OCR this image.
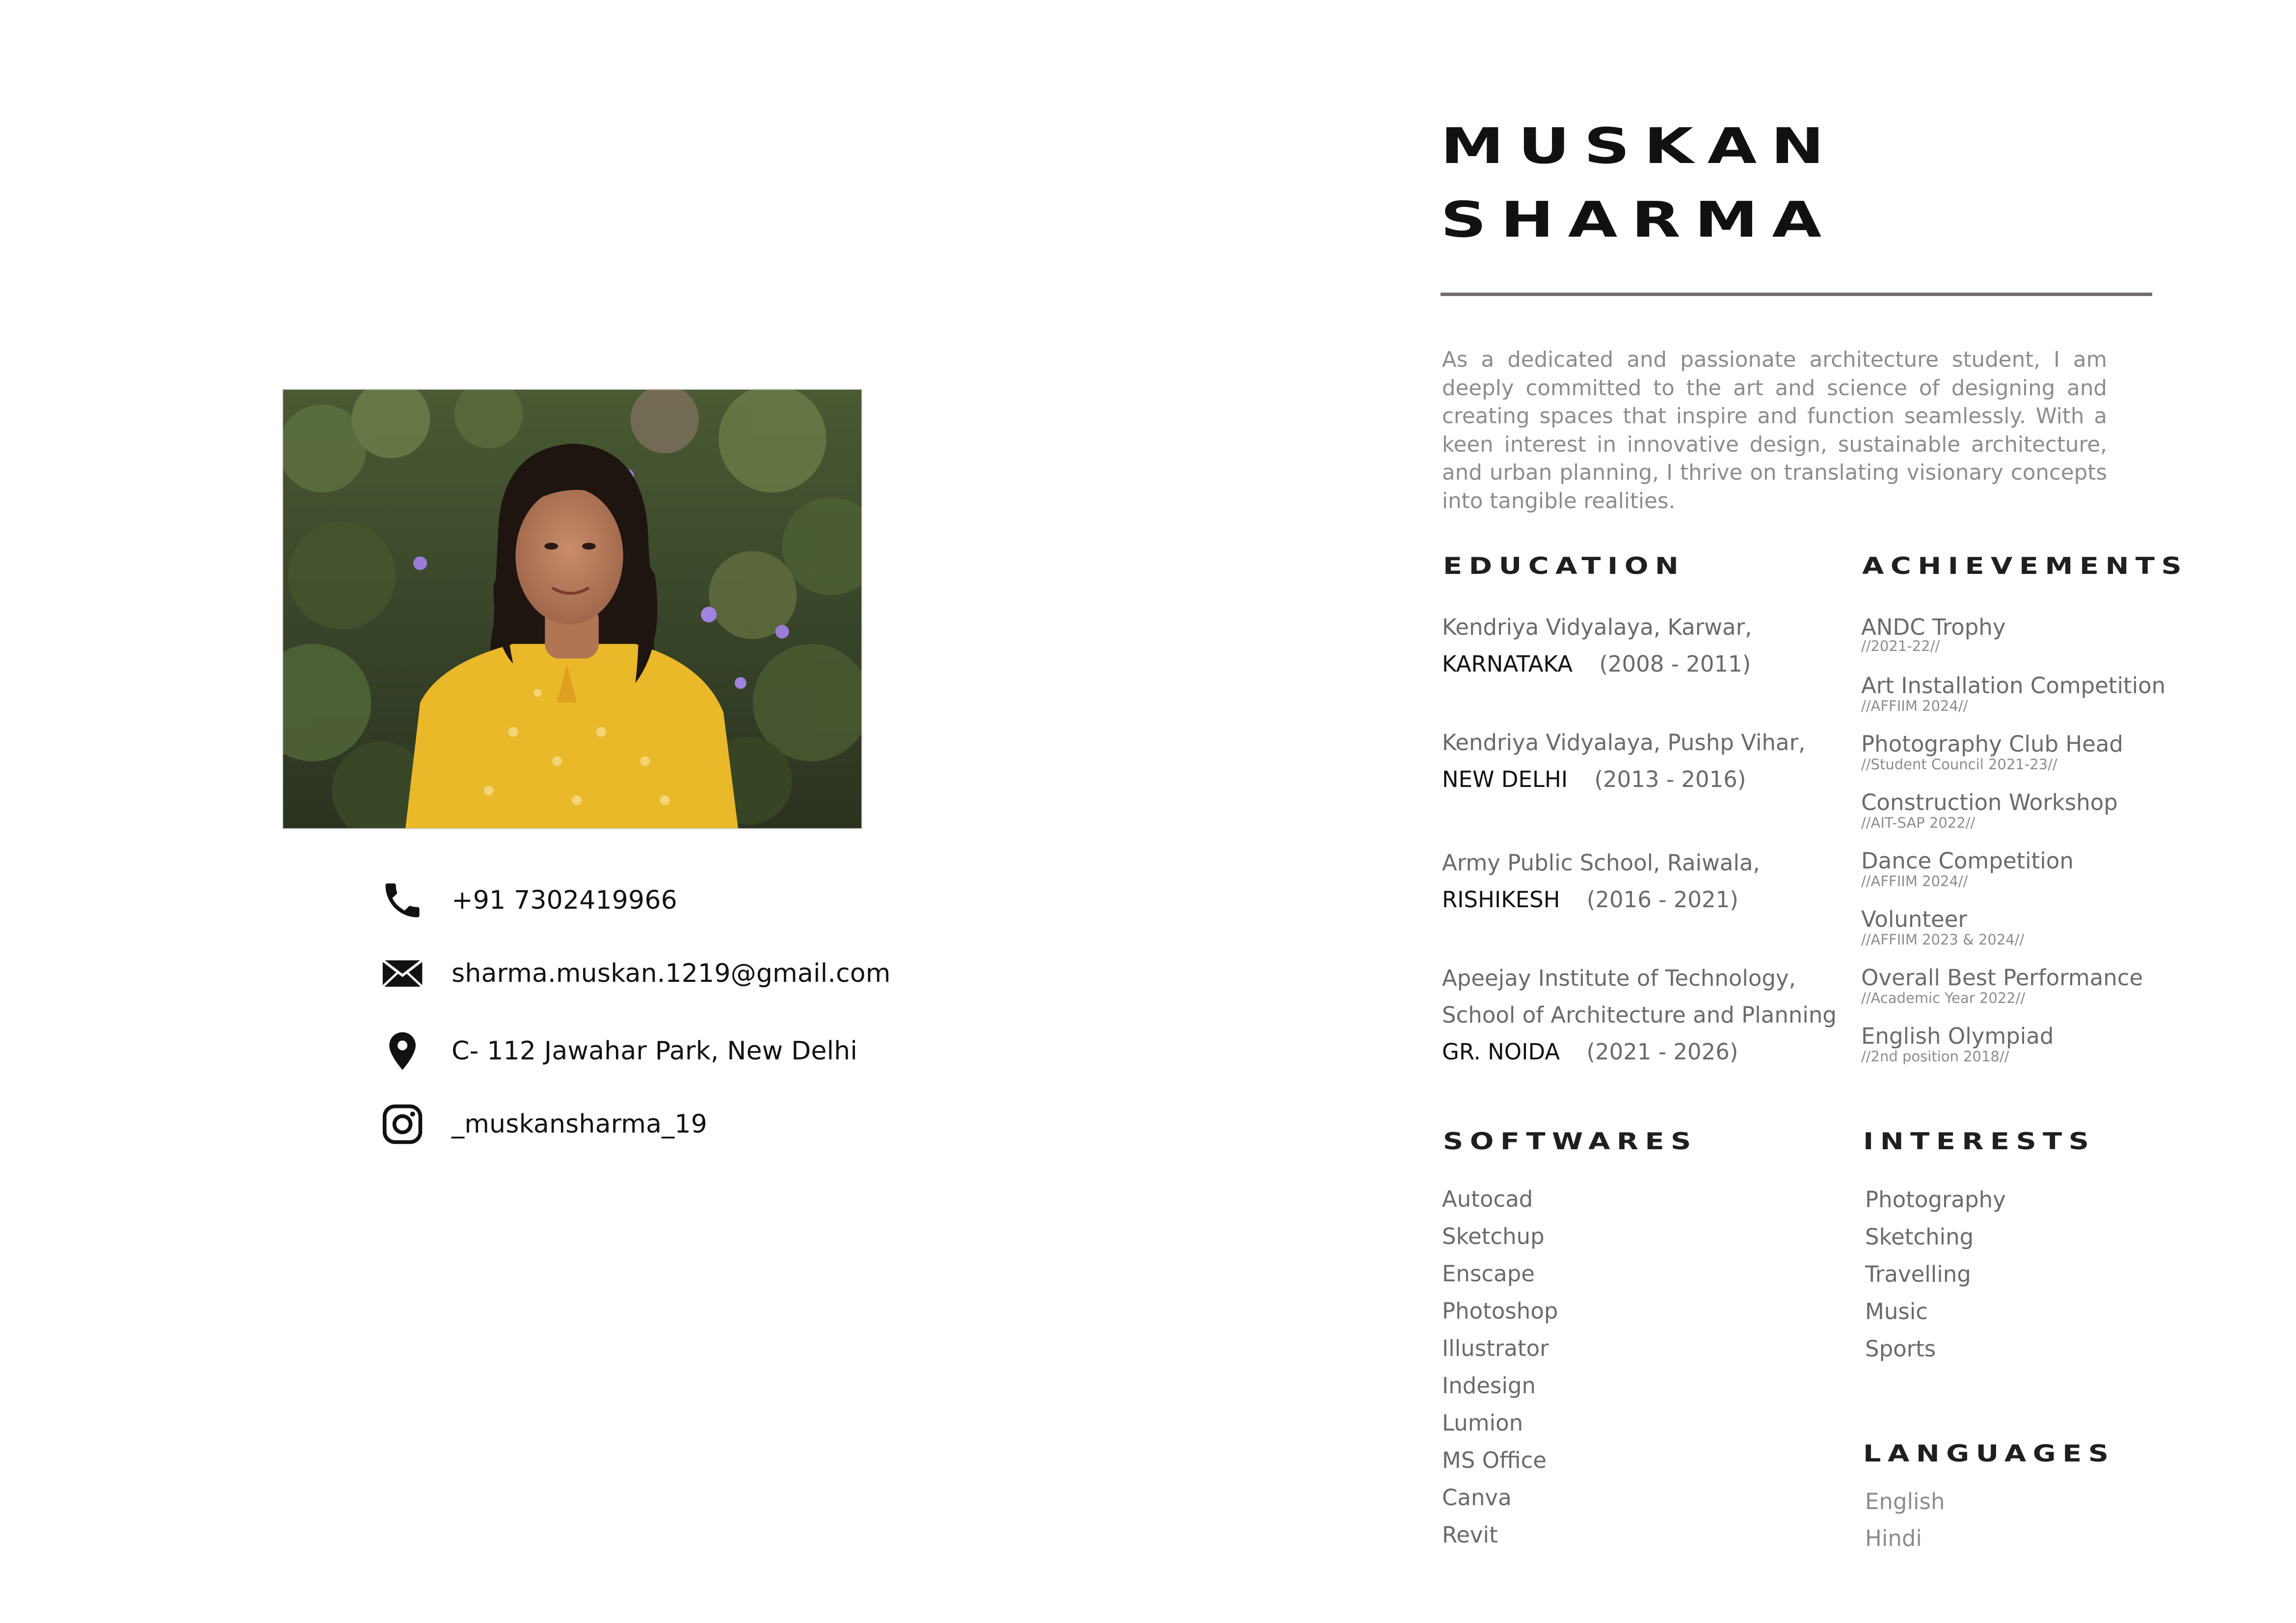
+91 7302419966
sharma.muskan.1219@gmail.com
C- 112 Jawahar Park, New Delhi
_muskansharma_19
MUSKAN
SHARMA
As a dedicated and passionate architecture student, I am deeply committed to the art and science of designing and creating spaces that inspire and function seamlessly. With a keen interest in innovative design, sustainable architecture, and urban planning, I thrive on translating visionary concepts into tangible realities.
EDUCATION
Kendriya Vidyalaya, Karwar,
KARNATAKA (2008 - 2011)
Kendriya Vidyalaya, Pushp Vihar,
NEW DELHI (2013 - 2016)
Army Public School, Raiwala,
RISHIKESH (2016 - 2021)
Apeejay Institute of Technology,
School of Architecture and Planning
GR. NOIDA (2021 - 2026)
ACHIEVEMENTS
ANDC Trophy
//2021-22//
Art Installation Competition
//AFFIIM 2024//
Photography Club Head
//Student Council 2021-23//
Construction Workshop
//AIT-SAP 2022//
Dance Competition
//AFFIIM 2024//
Volunteer
//AFFIIM 2023 & 2024//
Overall Best Performance
//Academic Year 2022//
English Olympiad
//2nd position 2018//
SOFTWARES
Autocad
Sketchup
Enscape
Photoshop
Illustrator
Indesign
Lumion
MS Office
Canva
Revit
INTERESTS
Photography
Sketching
Travelling
Music
Sports
LANGUAGES
English
Hindi
